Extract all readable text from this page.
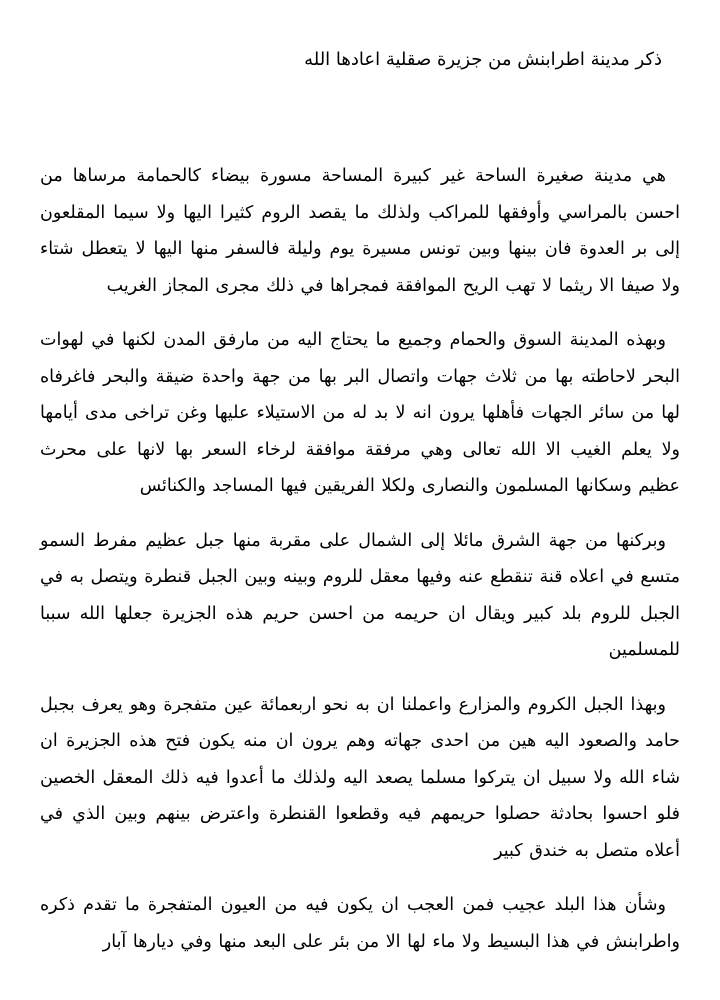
ذكر مدينة اطرابنش من جزيرة صقلية اعادها الله

هي مدينة صغيرة الساحة غير كبيرة المساحة مسورة بيضاء كالحمامة مرساها من احسن بالمراسي وأوفقها للمراكب ولذلك ما يقصد الروم كثيرا اليها ولا سيما المقلعون إلى بر العدوة فان بينها وبين تونس مسيرة يوم وليلة فالسفر منها اليها لا يتعطل شتاء ولا صيفا الا ريثما لا تهب الريح الموافقة فمجراها في ذلك مجرى المجاز الغريب

وبهذه المدينة السوق والحمام وجميع ما يحتاج اليه من مارفق المدن لكنها في لهوات البحر لاحاطته بها من ثلاث جهات واتصال البر بها من جهة واحدة ضيقة والبحر فاغرفاه لها من سائر الجهات فأهلها يرون انه لا بد له من الاستيلاء عليها وغن تراخى مدى أيامها ولا يعلم الغيب الا الله تعالى وهي مرفقة موافقة لرخاء السعر بها لانها على محرث عظيم وسكانها المسلمون والنصارى ولكلا الفريقين فيها المساجد والكنائس

وبركنها من جهة الشرق مائلا إلى الشمال على مقربة منها جبل عظيم مفرط السمو متسع في اعلاه قنة تنقطع عنه وفيها معقل للروم وبينه وبين الجبل قنطرة ويتصل به في الجبل للروم بلد كبير ويقال ان حريمه من احسن حريم هذه الجزيرة جعلها الله سببا للمسلمين

وبهذا الجبل الكروم والمزارع واعملنا ان به نحو اربعمائة عين متفجرة وهو يعرف بجبل حامد والصعود اليه هين من احدى جهاته وهم يرون ان منه يكون فتح هذه الجزيرة ان شاء الله ولا سبيل ان يتركوا مسلما يصعد اليه ولذلك ما أعدوا فيه ذلك المعقل الخصين فلو احسوا بحادثة حصلوا حريمهم فيه وقطعوا القنطرة واعترض بينهم وبين الذي في أعلاه متصل به خندق كبير

وشأن هذا البلد عجيب فمن العجب ان يكون فيه من العيون المتفجرة ما تقدم ذكره واطرابنش في هذا البسيط ولا ماء لها الا من بئر على البعد منها وفي ديارها آبار
